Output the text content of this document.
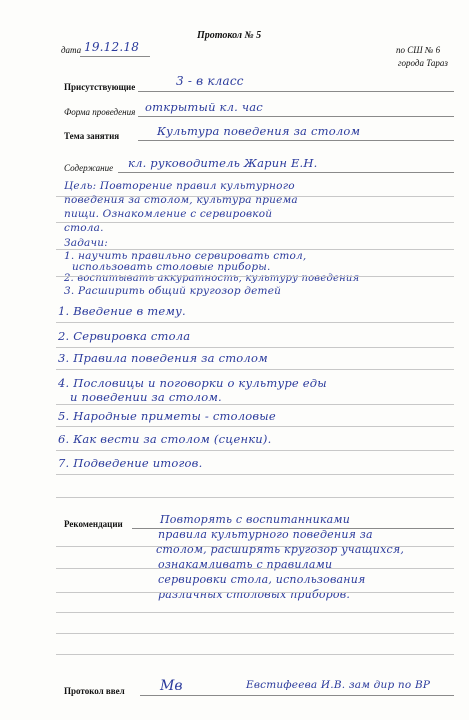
Протокол № 5
дата 19.12.18	по СШ № 6
города Тараз
Присутствующие	3 - в класс
Форма проведения открытый кл. час
Тема занятия	Культура поведения за столом
Содержание кл. руководитель Жарин Е.Н.
Цель: Повторение правил культурного
поведения за столом, культура приема
пищи. Ознакомление с сервировкой
стола.
Задачи:
1. научить правильно сервировать стол,
использовать столовые приборы.
2. воспитывать аккуратность, культуру поведения
3. Расширить общий кругозор детей
1. Введение в тему.
2. Сервировка стола
3. Правила поведения за столом
4. Пословицы и поговорки о культуре еды
и поведении за столом.
5. Народные приметы - столовые
6. Как вести за столом (сценки).
7. Подведение итогов.
Рекомендации	Повторять с воспитанниками
правила культурного поведения за
столом, расширять кругозор учащихся,
ознакамливать с правилами
сервировки стола, использования
различных столовых приборов.
Протокол ввел	Мв	Евстифеева И.В. зам дир по ВР
